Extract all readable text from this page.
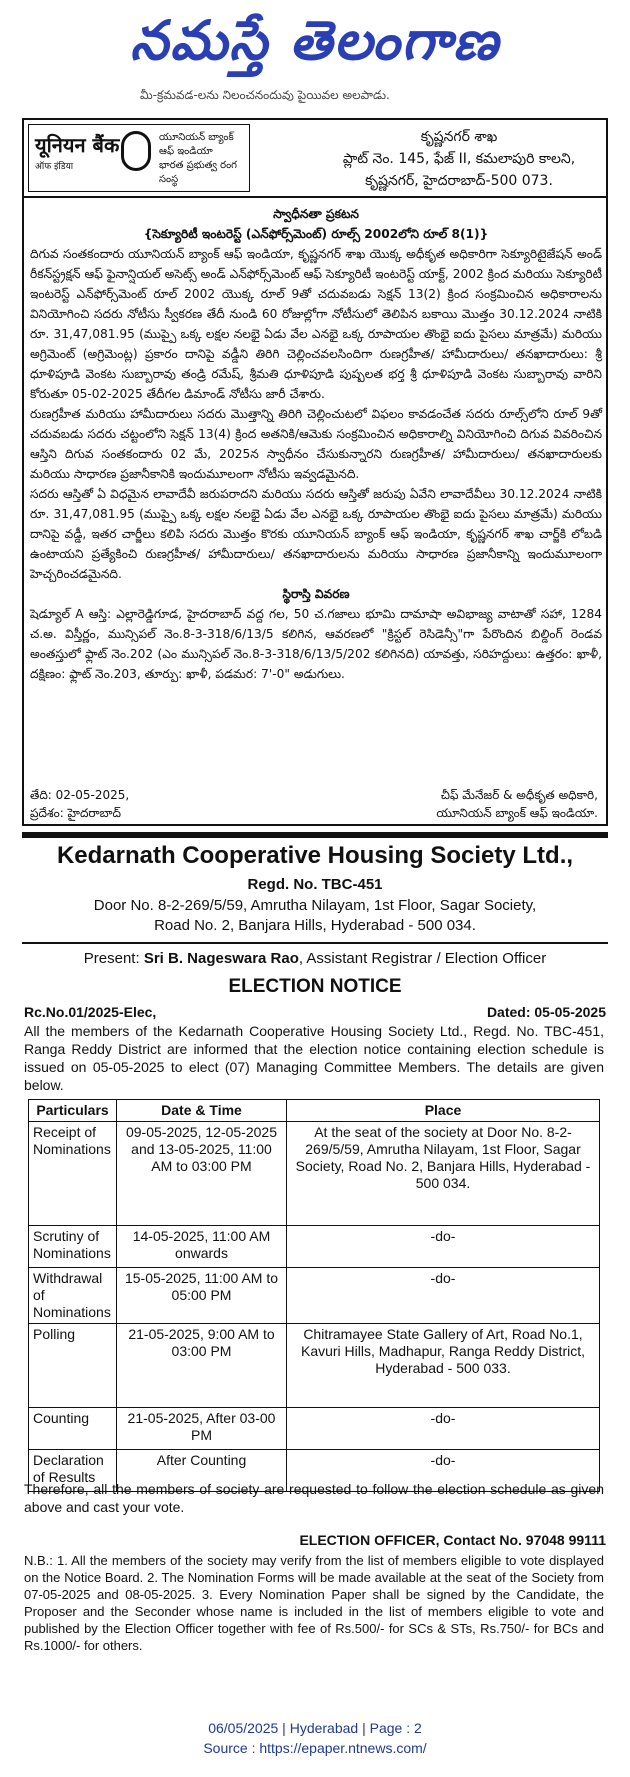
నమస్తే తెలంగాణ
మీ-క్రమవడ-లను నిలంచనందువు పైయివల అలపాడు.
यूनियन बैंक
ऑफ इंडिया
యూనియన్ బ్యాంక్
ఆఫ్ ఇండియా
భారత ప్రభుత్వ రంగ సంస్థ
కృష్ణనగర్ శాఖ
ప్లాట్ నెం. 145, ఫేజ్ II, కమలాపురి కాలని,
కృష్ణనగర్, హైదరాబాద్-500 073.
స్వాధీనతా ప్రకటన
{సెక్యూరిటీ ఇంటరెస్ట్ (ఎన్‌ఫోర్స్‌మెంట్) రూల్స్ 2002లోని రూల్ 8(1)}

దిగువ సంతకందారు యూనియన్ బ్యాంక్ ఆఫ్ ఇండియా, కృష్ణనగర్ శాఖ యొక్క అధీకృత అధికారిగా సెక్యూరిటైజేషన్ అండ్ రీకన్‌స్ట్రక్షన్ ఆఫ్ ఫైనాన్షియల్ అసెట్స్ అండ్ ఎన్‌ఫోర్స్‌మెంట్ ఆఫ్ సెక్యూరిటీ ఇంటరెస్ట్ యాక్ట్, 2002 క్రింద మరియు సెక్యూరిటీ ఇంటరెస్ట్ ఎన్‌ఫోర్స్‌మెంట్ రూల్ 2002 యొక్క రూల్ 9తో చదువబడు సెక్షన్ 13(2) క్రింద సంక్రమించిన అధికారాలను వినియోగించి సదరు నోటీసు స్వీకరణ తేదీ నుండి 60 రోజుల్లోగా నోటీసులో తెలిపిన బకాయి మొత్తం 30.12.2024 నాటికి రూ. 31,47,081.95 (ముప్పై ఒక్క లక్షల నలభై ఏడు వేల ఎనభై ఒక్క రూపాయల తొంభై ఐదు పైసలు మాత్రమే) మరియు అగ్రిమెంట్ (అగ్రిమెంట్ల) ప్రకారం దానిపై వడ్డీని తిరిగి చెల్లించవలసిందిగా రుణగ్రహీత/ హామీదారులు/ తనఖాదారులు: శ్రీ ధూళిపూడి వెంకట సుబ్బారావు తండ్రి రమేష్, శ్రీమతి ధూళిపూడి పుష్పలత భర్త శ్రీ ధూళిపూడి వెంకట సుబ్బారావు వారిని కోరుతూ 05-02-2025 తేదీగల డిమాండ్ నోటీసు జారీ చేశారు.

రుణగ్రహీత మరియు హామీదారులు సదరు మొత్తాన్ని తిరిగి చెల్లించుటలో విఫలం కావడంచేత సదరు రూల్స్‌లోని రూల్ 9తో చదువబడు సదరు చట్టంలోని సెక్షన్ 13(4) క్రింద అతనికి/ఆమెకు సంక్రమించిన అధికారాల్ని వినియోగించి దిగువ వివరించిన ఆస్తిని దిగువ సంతకందారు 02 మే, 2025న స్వాధీనం చేసుకున్నారని రుణగ్రహీత/ హామీదారులు/ తనఖాదారులకు మరియు సాధారణ ప్రజానీకానికి ఇందుమూలంగా నోటీసు ఇవ్వడమైనది.

సదరు ఆస్తితో ఏ విధమైన లావాదేవీ జరుపరాదని మరియు సదరు ఆస్తితో జరుపు ఏవేని లావాదేవీలు 30.12.2024 నాటికి రూ. 31,47,081.95 (ముప్పై ఒక్క లక్షల నలభై ఏడు వేల ఎనభై ఒక్క రూపాయల తొంభై ఐదు పైసలు మాత్రమే) మరియు దానిపై వడ్డీ, ఇతర చార్జీలు కలిపి సదరు మొత్తం కొరకు యూనియన్ బ్యాంక్ ఆఫ్ ఇండియా, కృష్ణనగర్ శాఖ చార్జ్‌కి లోబడి ఉంటాయని ప్రత్యేకించి రుణగ్రహీత/ హామీదారులు/ తనఖాదారులను మరియు సాధారణ ప్రజానీకాన్ని ఇందుమూలంగా హెచ్చరించడమైనది.

స్థిరాస్తి వివరణ

షెడ్యూల్ A ఆస్తి: ఎల్లారెడ్డిగూడ, హైదరాబాద్ వద్ద గల, 50 చ.గజాలు భూమి దామాషా అవిభాజ్య వాటాతో సహా, 1284 చ.అ. విస్తీర్ణం, మున్సిపల్ నెం.8-3-318/6/13/5 కలిగిన, ఆవరణలో "క్రిస్టల్ రెసిడెన్సీ"గా పేరొందిన బిల్డింగ్ రెండవ అంతస్తులో ఫ్లాట్ నెం.202 (ఎం మున్సిపల్ నెం.8-3-318/6/13/5/202 కలిగినది) యావత్తు, సరిహద్దులు: ఉత్తరం: ఖాళీ, దక్షిణం: ఫ్లాట్ నెం.203, తూర్పు: ఖాళీ, పడమర: 7'-0" అడుగులు.

తేది: 02-05-2025,
ప్రదేశం: హైదరాబాద్
చీఫ్ మేనేజర్ & అధీకృత అధికారి,
యూనియన్ బ్యాంక్ ఆఫ్ ఇండియా.
Kedarnath Cooperative Housing Society Ltd.,
Regd. No. TBC-451
Door No. 8-2-269/5/59, Amrutha Nilayam, 1st Floor, Sagar Society,
Road No. 2, Banjara Hills, Hyderabad - 500 034.
Present: Sri B. Nageswara Rao, Assistant Registrar / Election Officer
ELECTION NOTICE
Rc.No.01/2025-Elec,	Dated: 05-05-2025
All the members of the Kedarnath Cooperative Housing Society Ltd., Regd. No. TBC-451, Ranga Reddy District are informed that the election notice containing election schedule is issued on 05-05-2025 to elect (07) Managing Committee Members. The details are given below.
Particulars	Date & Time	Place
Receipt of Nominations	09-05-2025, 12-05-2025 and 13-05-2025, 11:00 AM to 03:00 PM	At the seat of the society at Door No. 8-2-269/5/59, Amrutha Nilayam, 1st Floor, Sagar Society, Road No. 2, Banjara Hills, Hyderabad - 500 034.
Scrutiny of Nominations	14-05-2025, 11:00 AM onwards	-do-
Withdrawal of Nominations	15-05-2025, 11:00 AM to 05:00 PM	-do-
Polling	21-05-2025, 9:00 AM to 03:00 PM	Chitramayee State Gallery of Art, Road No.1, Kavuri Hills, Madhapur, Ranga Reddy District, Hyderabad - 500 033.
Counting	21-05-2025, After 03-00 PM	-do-
Declaration of Results	After Counting	-do-
Therefore, all the members of society are requested to follow the election schedule as given above and cast your vote.
ELECTION OFFICER, Contact No. 97048 99111
N.B.: 1. All the members of the society may verify from the list of members eligible to vote displayed on the Notice Board. 2. The Nomination Forms will be made available at the seat of the Society from 07-05-2025 and 08-05-2025. 3. Every Nomination Paper shall be signed by the Candidate, the Proposer and the Seconder whose name is included in the list of members eligible to vote and published by the Election Officer together with fee of Rs.500/- for SCs & STs, Rs.750/- for BCs and Rs.1000/- for others.
06/05/2025 | Hyderabad | Page : 2
Source : https://epaper.ntnews.com/
